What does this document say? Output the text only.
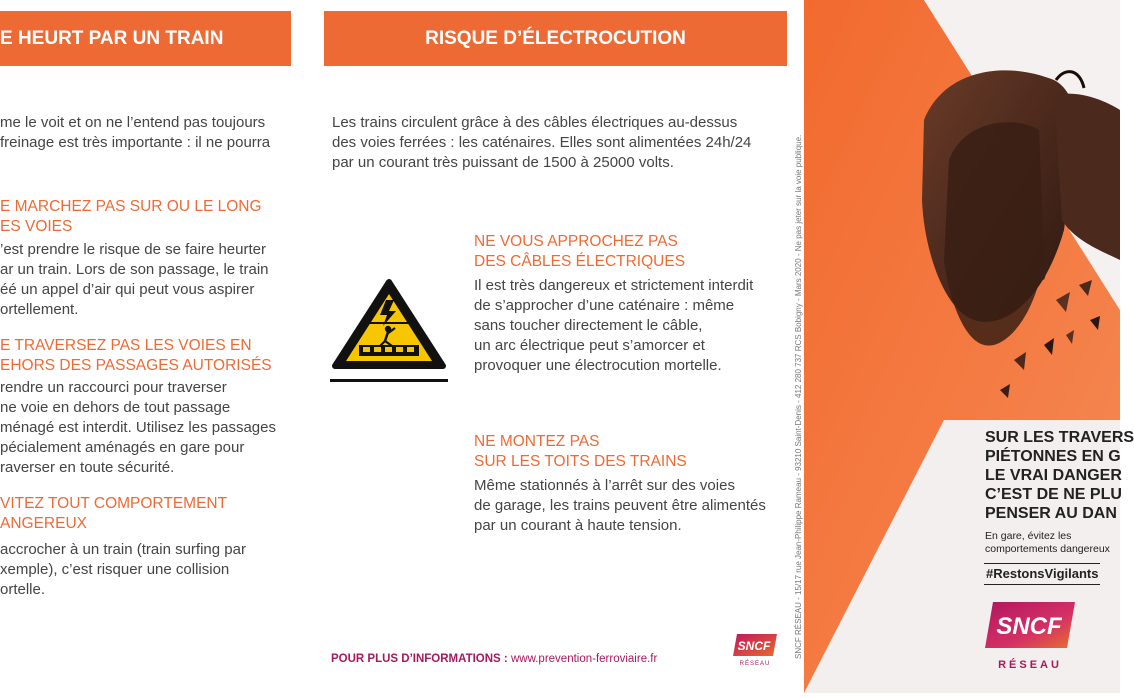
E HEURT PAR UN TRAIN
me le voit et on ne l’entend pas toujours
freinage est très importante : il ne pourra
E MARCHEZ PAS SUR OU LE LONG
ES VOIES
’est prendre le risque de se faire heurter
ar un train. Lors de son passage, le train
éé un appel d’air qui peut vous aspirer
ortellement.
E TRAVERSEZ PAS LES VOIES EN
EHORS DES PASSAGES AUTORISÉS
rendre un raccourci pour traverser
ne voie en dehors de tout passage
ménagé est interdit. Utilisez les passages
pécialement aménagés en gare pour
raverser en toute sécurité.
VITEZ TOUT COMPORTEMENT
ANGEREUX
accrocher à un train (train surfing par
xemple), c’est risquer une collision
ortelle.
RISQUE D’ÉLECTROCUTION
Les trains circulent grâce à des câbles électriques au-dessus
des voies ferrées : les caténaires. Elles sont alimentées 24h/24
par un courant très puissant de 1500 à 25000 volts.
NE VOUS APPROCHEZ PAS
DES CÂBLES ÉLECTRIQUES
Il est très dangereux et strictement interdit
de s’approcher d’une caténaire : même
sans toucher directement le câble,
un arc électrique peut s’amorcer et
provoquer une électrocution mortelle.
NE MONTEZ PAS
SUR LES TOITS DES TRAINS
Même stationnés à l’arrêt sur des voies
de garage, les trains peuvent être alimentés
par un courant à haute tension.
POUR PLUS D’INFORMATIONS : www.prevention-ferroviaire.fr
SNCF
RÉSEAU
SNCF RÉSEAU - 15/17 rue Jean-Philippe Rameau - 93210 Saint-Denis - 412 280 737 RCS Bobigny - Mars 2020 - Ne pas jeter sur la voie publique.	SUR LES TRAVERS
PIÉTONNES EN G
LE VRAI DANGER
C’EST DE NE PLU
PENSER AU DAN
En gare, évitez les
comportements dangereux
#RestonsVigilants
SNCF
RÉSEAU
